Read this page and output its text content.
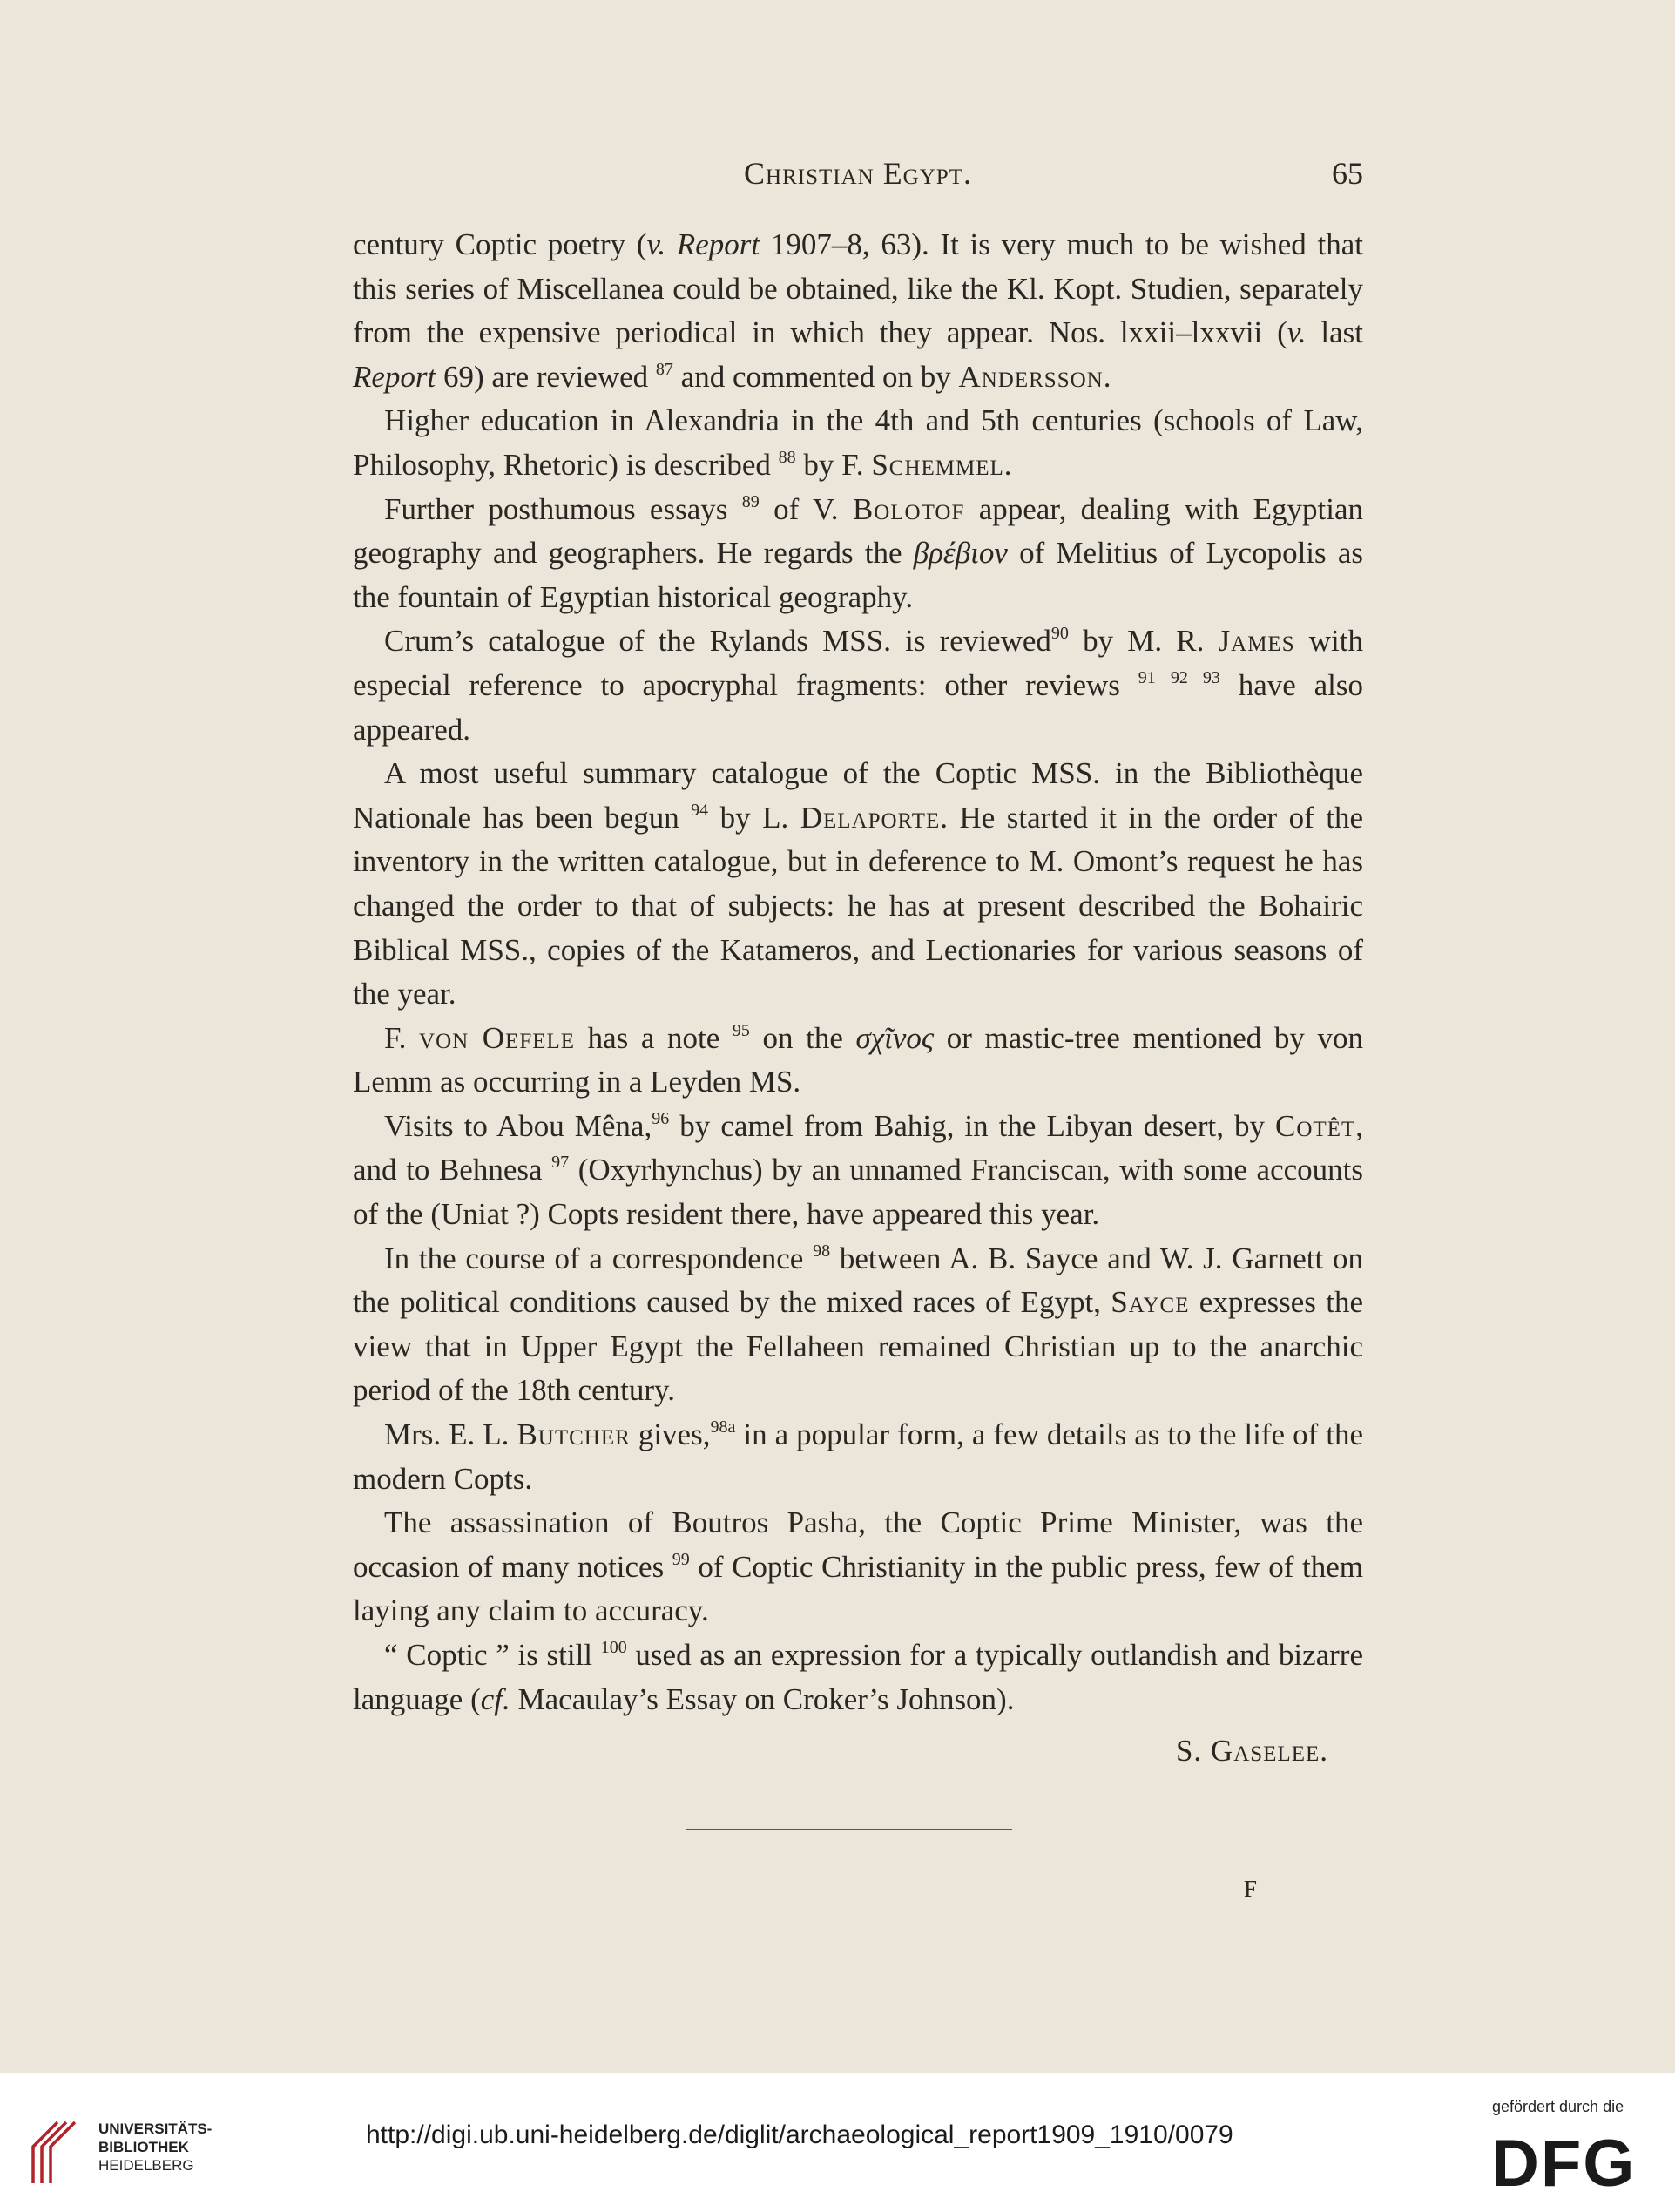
Christian Egypt.	65

century Coptic poetry (v. Report 1907–8, 63). It is very much to be wished that this series of Miscellanea could be obtained, like the Kl. Kopt. Studien, separately from the expensive periodical in which they appear. Nos. lxxii–lxxvii (v. last Report 69) are reviewed $^{87}$ and commented on by Andersson.

Higher education in Alexandria in the 4th and 5th centuries (schools of Law, Philosophy, Rhetoric) is described $^{88}$ by F. Schemmel.

Further posthumous essays $^{89}$ of V. Bolotof appear, dealing with Egyptian geography and geographers. He regards the βρέβιον of Melitius of Lycopolis as the fountain of Egyptian historical geography.

Crum’s catalogue of the Rylands MSS. is reviewed$^{90}$ by M. R. James with especial reference to apocryphal fragments: other reviews $^{91 92 93}$ have also appeared.

A most useful summary catalogue of the Coptic MSS. in the Bibliothèque Nationale has been begun $^{94}$ by L. Delaporte. He started it in the order of the inventory in the written catalogue, but in deference to M. Omont’s request he has changed the order to that of subjects: he has at present described the Bohairic Biblical MSS., copies of the Katameros, and Lectionaries for various seasons of the year.

F. von Oefele has a note $^{95}$ on the σχῖνος or mastic-tree mentioned by von Lemm as occurring in a Leyden MS.

Visits to Abou Mêna,$^{96}$ by camel from Bahig, in the Libyan desert, by Cotêt, and to Behnesa $^{97}$ (Oxyrhynchus) by an unnamed Franciscan, with some accounts of the (Uniat ?) Copts resident there, have appeared this year.

In the course of a correspondence $^{98}$ between A. B. Sayce and W. J. Garnett on the political conditions caused by the mixed races of Egypt, Sayce expresses the view that in Upper Egypt the Fellaheen remained Christian up to the anarchic period of the 18th century.

Mrs. E. L. Butcher gives,$^{98a}$ in a popular form, a few details as to the life of the modern Copts.

The assassination of Boutros Pasha, the Coptic Prime Minister, was the occasion of many notices $^{99}$ of Coptic Christianity in the public press, few of them laying any claim to accuracy.

“ Coptic ” is still $^{100}$ used as an expression for a typically outlandish and bizarre language (cf. Macaulay’s Essay on Croker’s Johnson).

S. Gaselee.
F
UNIVERSITÄTS-
BIBLIOTHEK
HEIDELBERG
http://digi.ub.uni-heidelberg.de/diglit/archaeological_report1909_1910/0079
gefördert durch die
DFG
